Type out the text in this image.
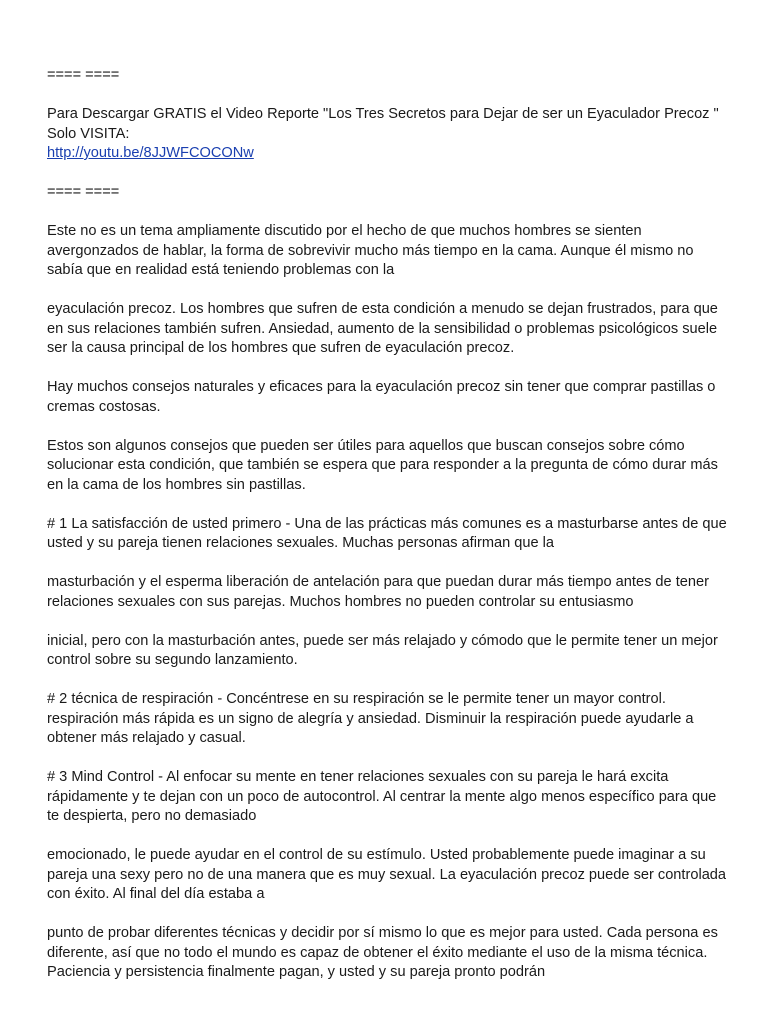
==== ====
Para Descargar GRATIS el Video Reporte "Los Tres Secretos para Dejar de ser un Eyaculador Precoz " Solo VISITA:
http://youtu.be/8JJWFCOCONw
==== ====

Este no es un tema ampliamente discutido por el hecho de que muchos hombres se sienten avergonzados de hablar, la forma de sobrevivir mucho más tiempo en la cama. Aunque él mismo no sabía que en realidad está teniendo problemas con la

eyaculación precoz. Los hombres que sufren de esta condición a menudo se dejan frustrados, para que en sus relaciones también sufren. Ansiedad, aumento de la sensibilidad o problemas psicológicos suele ser la causa principal de los hombres que sufren de eyaculación precoz.

Hay muchos consejos naturales y eficaces para la eyaculación precoz sin tener que comprar pastillas o cremas costosas.

Estos son algunos consejos que pueden ser útiles para aquellos que buscan consejos sobre cómo solucionar esta condición, que también se espera que para responder a la pregunta de cómo durar más en la cama de los hombres sin pastillas.

# 1 La satisfacción de usted primero - Una de las prácticas más comunes es a masturbarse antes de que usted y su pareja tienen relaciones sexuales. Muchas personas afirman que la

masturbación y el esperma liberación de antelación para que puedan durar más tiempo antes de tener relaciones sexuales con sus parejas. Muchos hombres no pueden controlar su entusiasmo

inicial, pero con la masturbación antes, puede ser más relajado y cómodo que le permite tener un mejor control sobre su segundo lanzamiento.

# 2 técnica de respiración - Concéntrese en su respiración se le permite tener un mayor control. respiración más rápida es un signo de alegría y ansiedad. Disminuir la respiración puede ayudarle a obtener más relajado y casual.

# 3 Mind Control - Al enfocar su mente en tener relaciones sexuales con su pareja le hará excita rápidamente y te dejan con un poco de autocontrol. Al centrar la mente algo menos específico para que te despierta, pero no demasiado

emocionado, le puede ayudar en el control de su estímulo. Usted probablemente puede imaginar a su pareja una sexy pero no de una manera que es muy sexual. La eyaculación precoz puede ser controlada con éxito. Al final del día estaba a

punto de probar diferentes técnicas y decidir por sí mismo lo que es mejor para usted. Cada persona es diferente, así que no todo el mundo es capaz de obtener el éxito mediante el uso de la misma técnica. Paciencia y persistencia finalmente pagan, y usted y su pareja pronto podrán
